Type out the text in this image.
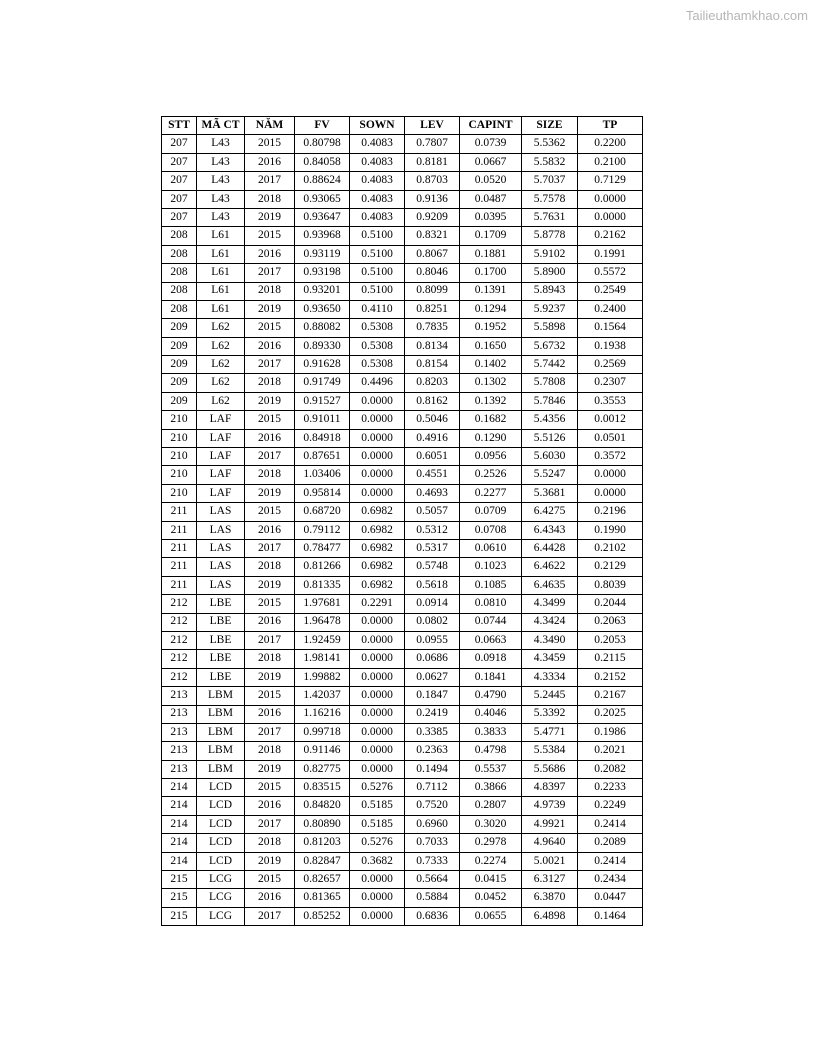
Tailieuthamkhao.com
STT	MÃ CT	NĂM	FV	SOWN	LEV	CAPINT	SIZE	TP
207	L43	2015	0.80798	0.4083	0.7807	0.0739	5.5362	0.2200
207	L43	2016	0.84058	0.4083	0.8181	0.0667	5.5832	0.2100
207	L43	2017	0.88624	0.4083	0.8703	0.0520	5.7037	0.7129
207	L43	2018	0.93065	0.4083	0.9136	0.0487	5.7578	0.0000
207	L43	2019	0.93647	0.4083	0.9209	0.0395	5.7631	0.0000
208	L61	2015	0.93968	0.5100	0.8321	0.1709	5.8778	0.2162
208	L61	2016	0.93119	0.5100	0.8067	0.1881	5.9102	0.1991
208	L61	2017	0.93198	0.5100	0.8046	0.1700	5.8900	0.5572
208	L61	2018	0.93201	0.5100	0.8099	0.1391	5.8943	0.2549
208	L61	2019	0.93650	0.4110	0.8251	0.1294	5.9237	0.2400
209	L62	2015	0.88082	0.5308	0.7835	0.1952	5.5898	0.1564
209	L62	2016	0.89330	0.5308	0.8134	0.1650	5.6732	0.1938
209	L62	2017	0.91628	0.5308	0.8154	0.1402	5.7442	0.2569
209	L62	2018	0.91749	0.4496	0.8203	0.1302	5.7808	0.2307
209	L62	2019	0.91527	0.0000	0.8162	0.1392	5.7846	0.3553
210	LAF	2015	0.91011	0.0000	0.5046	0.1682	5.4356	0.0012
210	LAF	2016	0.84918	0.0000	0.4916	0.1290	5.5126	0.0501
210	LAF	2017	0.87651	0.0000	0.6051	0.0956	5.6030	0.3572
210	LAF	2018	1.03406	0.0000	0.4551	0.2526	5.5247	0.0000
210	LAF	2019	0.95814	0.0000	0.4693	0.2277	5.3681	0.0000
211	LAS	2015	0.68720	0.6982	0.5057	0.0709	6.4275	0.2196
211	LAS	2016	0.79112	0.6982	0.5312	0.0708	6.4343	0.1990
211	LAS	2017	0.78477	0.6982	0.5317	0.0610	6.4428	0.2102
211	LAS	2018	0.81266	0.6982	0.5748	0.1023	6.4622	0.2129
211	LAS	2019	0.81335	0.6982	0.5618	0.1085	6.4635	0.8039
212	LBE	2015	1.97681	0.2291	0.0914	0.0810	4.3499	0.2044
212	LBE	2016	1.96478	0.0000	0.0802	0.0744	4.3424	0.2063
212	LBE	2017	1.92459	0.0000	0.0955	0.0663	4.3490	0.2053
212	LBE	2018	1.98141	0.0000	0.0686	0.0918	4.3459	0.2115
212	LBE	2019	1.99882	0.0000	0.0627	0.1841	4.3334	0.2152
213	LBM	2015	1.42037	0.0000	0.1847	0.4790	5.2445	0.2167
213	LBM	2016	1.16216	0.0000	0.2419	0.4046	5.3392	0.2025
213	LBM	2017	0.99718	0.0000	0.3385	0.3833	5.4771	0.1986
213	LBM	2018	0.91146	0.0000	0.2363	0.4798	5.5384	0.2021
213	LBM	2019	0.82775	0.0000	0.1494	0.5537	5.5686	0.2082
214	LCD	2015	0.83515	0.5276	0.7112	0.3866	4.8397	0.2233
214	LCD	2016	0.84820	0.5185	0.7520	0.2807	4.9739	0.2249
214	LCD	2017	0.80890	0.5185	0.6960	0.3020	4.9921	0.2414
214	LCD	2018	0.81203	0.5276	0.7033	0.2978	4.9640	0.2089
214	LCD	2019	0.82847	0.3682	0.7333	0.2274	5.0021	0.2414
215	LCG	2015	0.82657	0.0000	0.5664	0.0415	6.3127	0.2434
215	LCG	2016	0.81365	0.0000	0.5884	0.0452	6.3870	0.0447
215	LCG	2017	0.85252	0.0000	0.6836	0.0655	6.4898	0.1464
